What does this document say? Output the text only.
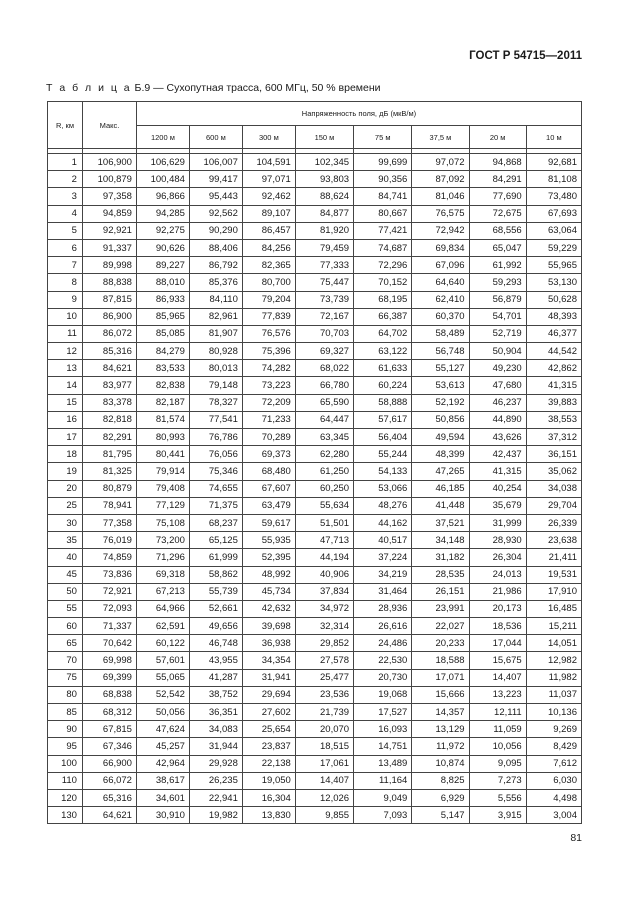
ГОСТ Р 54715—2011
Т а б л и ц а Б.9 — Сухопутная трасса, 600 МГц, 50 % времени
R, км	Макс.	Напряженность поля, дБ (мкВ/м)							
		1200 м	600 м	300 м	150 м	75 м	37,5 м	20 м	10 м

1	106,900	106,629	106,007	104,591	102,345	99,699	97,072	94,868	92,681
2	100,879	100,484	99,417	97,071	93,803	90,356	87,092	84,291	81,108
3	97,358	96,866	95,443	92,462	88,624	84,741	81,046	77,690	73,480
4	94,859	94,285	92,562	89,107	84,877	80,667	76,575	72,675	67,693
5	92,921	92,275	90,290	86,457	81,920	77,421	72,942	68,556	63,064
6	91,337	90,626	88,406	84,256	79,459	74,687	69,834	65,047	59,229
7	89,998	89,227	86,792	82,365	77,333	72,296	67,096	61,992	55,965
8	88,838	88,010	85,376	80,700	75,447	70,152	64,640	59,293	53,130
9	87,815	86,933	84,110	79,204	73,739	68,195	62,410	56,879	50,628
10	86,900	85,965	82,961	77,839	72,167	66,387	60,370	54,701	48,393
11	86,072	85,085	81,907	76,576	70,703	64,702	58,489	52,719	46,377
12	85,316	84,279	80,928	75,396	69,327	63,122	56,748	50,904	44,542
13	84,621	83,533	80,013	74,282	68,022	61,633	55,127	49,230	42,862
14	83,977	82,838	79,148	73,223	66,780	60,224	53,613	47,680	41,315
15	83,378	82,187	78,327	72,209	65,590	58,888	52,192	46,237	39,883
16	82,818	81,574	77,541	71,233	64,447	57,617	50,856	44,890	38,553
17	82,291	80,993	76,786	70,289	63,345	56,404	49,594	43,626	37,312
18	81,795	80,441	76,056	69,373	62,280	55,244	48,399	42,437	36,151
19	81,325	79,914	75,346	68,480	61,250	54,133	47,265	41,315	35,062
20	80,879	79,408	74,655	67,607	60,250	53,066	46,185	40,254	34,038
25	78,941	77,129	71,375	63,479	55,634	48,276	41,448	35,679	29,704
30	77,358	75,108	68,237	59,617	51,501	44,162	37,521	31,999	26,339
35	76,019	73,200	65,125	55,935	47,713	40,517	34,148	28,930	23,638
40	74,859	71,296	61,999	52,395	44,194	37,224	31,182	26,304	21,411
45	73,836	69,318	58,862	48,992	40,906	34,219	28,535	24,013	19,531
50	72,921	67,213	55,739	45,734	37,834	31,464	26,151	21,986	17,910
55	72,093	64,966	52,661	42,632	34,972	28,936	23,991	20,173	16,485
60	71,337	62,591	49,656	39,698	32,314	26,616	22,027	18,536	15,211
65	70,642	60,122	46,748	36,938	29,852	24,486	20,233	17,044	14,051
70	69,998	57,601	43,955	34,354	27,578	22,530	18,588	15,675	12,982
75	69,399	55,065	41,287	31,941	25,477	20,730	17,071	14,407	11,982
80	68,838	52,542	38,752	29,694	23,536	19,068	15,666	13,223	11,037
85	68,312	50,056	36,351	27,602	21,739	17,527	14,357	12,111	10,136
90	67,815	47,624	34,083	25,654	20,070	16,093	13,129	11,059	9,269
95	67,346	45,257	31,944	23,837	18,515	14,751	11,972	10,056	8,429
100	66,900	42,964	29,928	22,138	17,061	13,489	10,874	9,095	7,612
110	66,072	38,617	26,235	19,050	14,407	11,164	8,825	7,273	6,030
120	65,316	34,601	22,941	16,304	12,026	9,049	6,929	5,556	4,498
130	64,621	30,910	19,982	13,830	9,855	7,093	5,147	3,915	3,004
81
